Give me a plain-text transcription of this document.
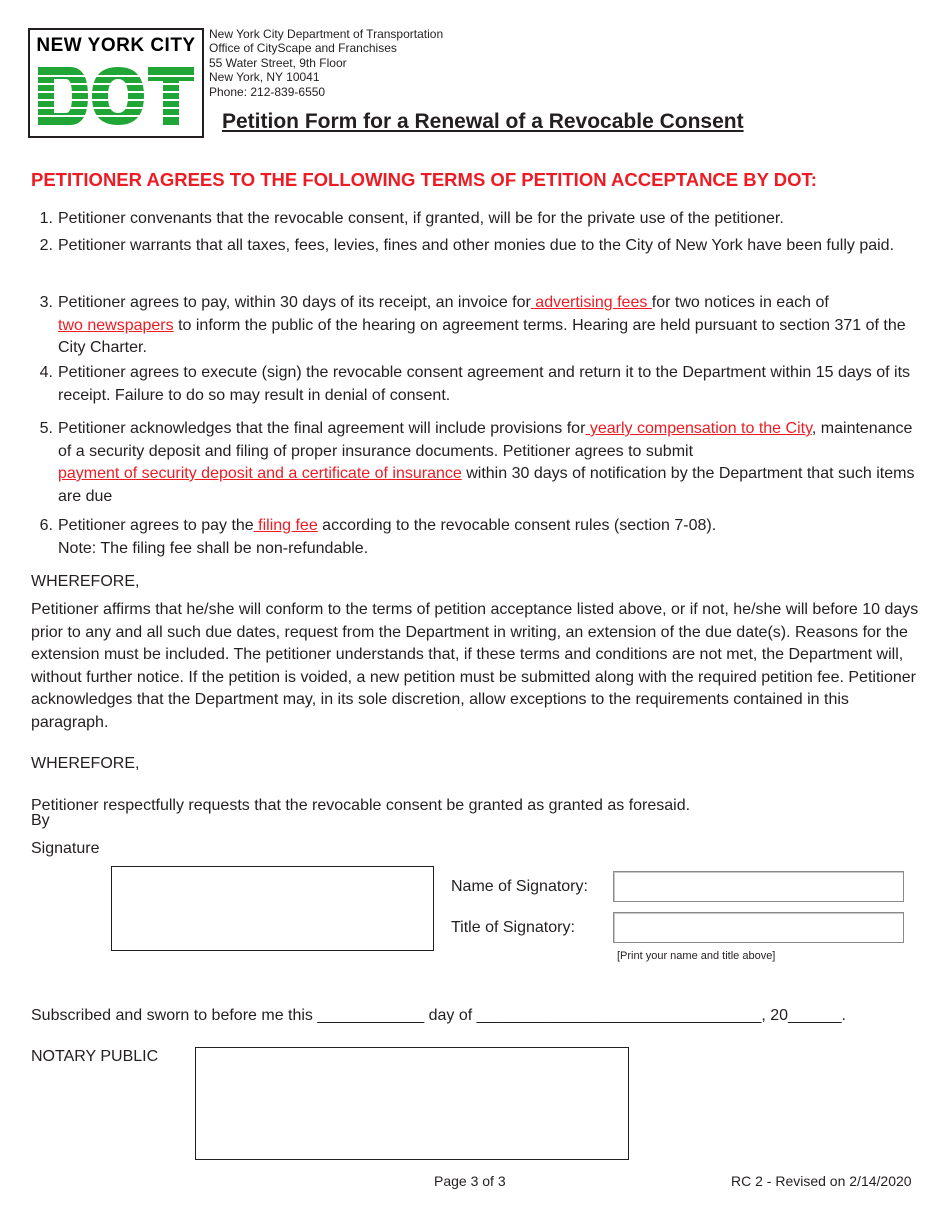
NEW YORK CITY
New York City Department of Transportation
Office of CityScape and Franchises
55 Water Street, 9th Floor
New York, NY 10041
Phone: 212-839-6550
Petition Form for a Renewal of a Revocable Consent
PETITIONER AGREES TO THE FOLLOWING TERMS OF PETITION ACCEPTANCE BY DOT:
1. Petitioner convenants that the revocable consent, if granted, will be for the private use of the petitioner.
2. Petitioner warrants that all taxes, fees, levies, fines and other monies due to the City of New York have been fully paid.
3. Petitioner agrees to pay, within 30 days of its receipt, an invoice for advertising fees for two notices in each of
two newspapers to inform the public of the hearing on agreement terms. Hearing are held pursuant to section 371 of the City Charter.
4. Petitioner agrees to execute (sign) the revocable consent agreement and return it to the Department within 15 days of its receipt. Failure to do so may result in denial of consent.
5. Petitioner acknowledges that the final agreement will include provisions for yearly compensation to the City, maintenance of a security deposit and filing of proper insurance documents. Petitioner agrees to submit
payment of security deposit and a certificate of insurance within 30 days of notification by the Department that such items are due
6. Petitioner agrees to pay the filing fee according to the revocable consent rules (section 7-08).
Note: The filing fee shall be non-refundable.
WHEREFORE,
Petitioner affirms that he/she will conform to the terms of petition acceptance listed above, or if not, he/she will before 10 days prior to any and all such due dates, request from the Department in writing, an extension of the due date(s). Reasons for the extension must be included. The petitioner understands that, if these terms and conditions are not met, the Department will, without further notice. If the petition is voided, a new petition must be submitted along with the required petition fee. Petitioner acknowledges that the Department may, in its sole discretion, allow exceptions to the requirements contained in this paragraph.
WHEREFORE,
Petitioner respectfully requests that the revocable consent be granted as granted as foresaid.
By
Signature
Name of Signatory:
Title of Signatory:
[Print your name and title above]
Subscribed and sworn to before me this ____________ day of ________________________________, 20______.
NOTARY PUBLIC
Page 3 of 3	RC 2 - Revised on 2/14/2020
